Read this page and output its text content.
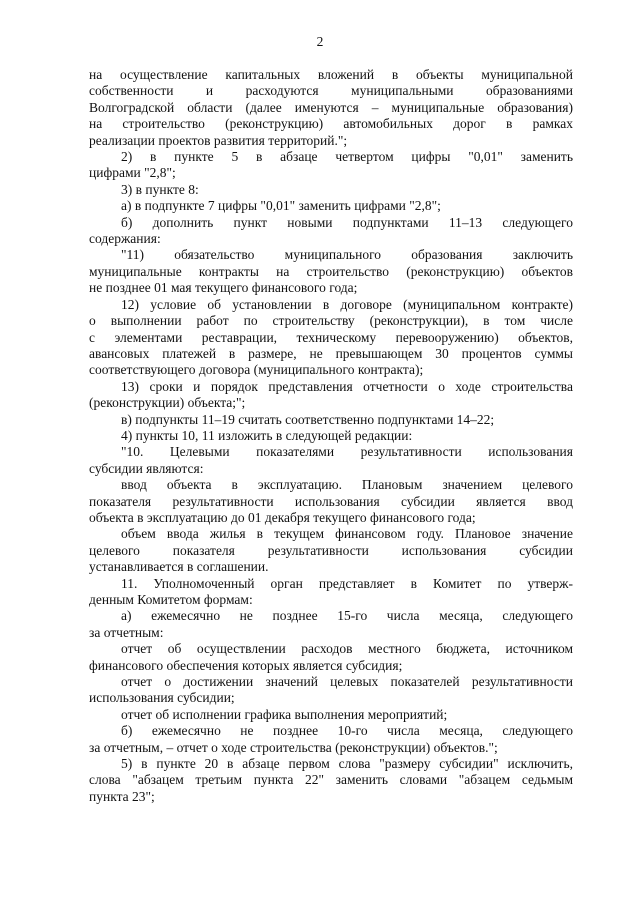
2

на осуществление капитальных вложений в объекты муниципальной

собственности и расходуются муниципальными образованиями

Волгоградской области (далее именуются – муниципальные образования)

на строительство (реконструкцию) автомобильных дорог в рамках

реализации проектов развития территорий.";

2) в пункте 5 в абзаце четвертом цифры "0,01" заменить

цифрами "2,8";

3) в пункте 8:

а) в подпункте 7 цифры "0,01" заменить цифрами "2,8";

б) дополнить пункт новыми подпунктами 11–13 следующего

содержания:

"11) обязательство муниципального образования заключить

муниципальные контракты на строительство (реконструкцию) объектов

не позднее 01 мая текущего финансового года;

12) условие об установлении в договоре (муниципальном контракте)

о выполнении работ по строительству (реконструкции), в том числе

с элементами реставрации, техническому перевооружению) объектов,

авансовых платежей в размере, не превышающем 30 процентов суммы

соответствующего договора (муниципального контракта);

13) сроки и порядок представления отчетности о ходе строительства

(реконструкции) объекта;";

в) подпункты 11–19 считать соответственно подпунктами 14–22;

4) пункты 10, 11 изложить в следующей редакции:

"10. Целевыми показателями результативности использования

субсидии являются:

ввод объекта в эксплуатацию. Плановым значением целевого

показателя результативности использования субсидии является ввод

объекта в эксплуатацию до 01 декабря текущего финансового года;

объем ввода жилья в текущем финансовом году. Плановое значение

целевого показателя результативности использования субсидии

устанавливается в соглашении.

11. Уполномоченный орган представляет в Комитет по утверж-

денным Комитетом формам:

а) ежемесячно не позднее 15-го числа месяца, следующего

за отчетным:

отчет об осуществлении расходов местного бюджета, источником

финансового обеспечения которых является субсидия;

отчет о достижении значений целевых показателей результативности

использования субсидии;

отчет об исполнении графика выполнения мероприятий;

б) ежемесячно не позднее 10-го числа месяца, следующего

за отчетным, – отчет о ходе строительства (реконструкции) объектов.";

5) в пункте 20 в абзаце первом слова "размеру субсидии" исключить,

слова "абзацем третьим пункта 22" заменить словами "абзацем седьмым

пункта 23";
